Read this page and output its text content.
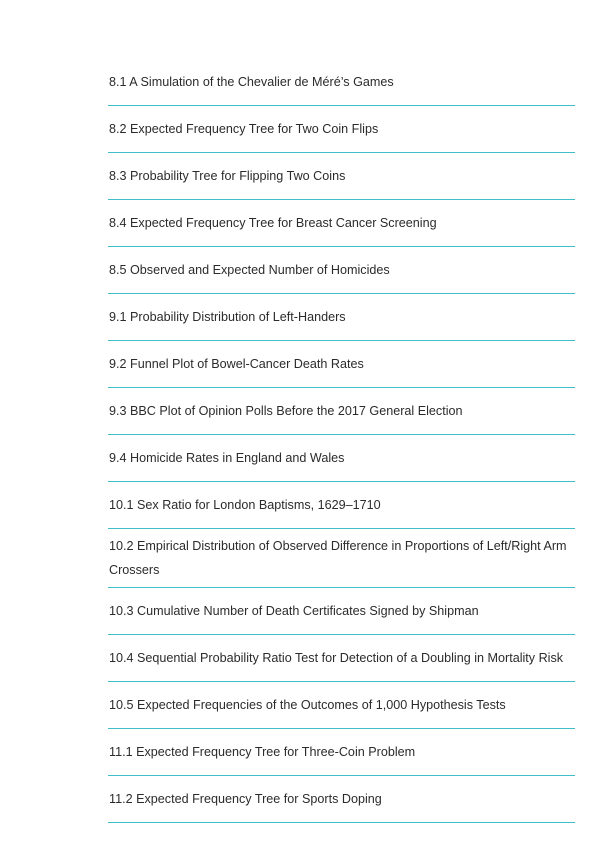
8.1 A Simulation of the Chevalier de Méré’s Games
8.2 Expected Frequency Tree for Two Coin Flips
8.3 Probability Tree for Flipping Two Coins
8.4 Expected Frequency Tree for Breast Cancer Screening
8.5 Observed and Expected Number of Homicides
9.1 Probability Distribution of Left-Handers
9.2 Funnel Plot of Bowel-Cancer Death Rates
9.3 BBC Plot of Opinion Polls Before the 2017 General Election
9.4 Homicide Rates in England and Wales
10.1 Sex Ratio for London Baptisms, 1629–1710
10.2 Empirical Distribution of Observed Difference in Proportions of Left/Right Arm Crossers
10.3 Cumulative Number of Death Certificates Signed by Shipman
10.4 Sequential Probability Ratio Test for Detection of a Doubling in Mortality Risk
10.5 Expected Frequencies of the Outcomes of 1,000 Hypothesis Tests
11.1 Expected Frequency Tree for Three-Coin Problem
11.2 Expected Frequency Tree for Sports Doping
